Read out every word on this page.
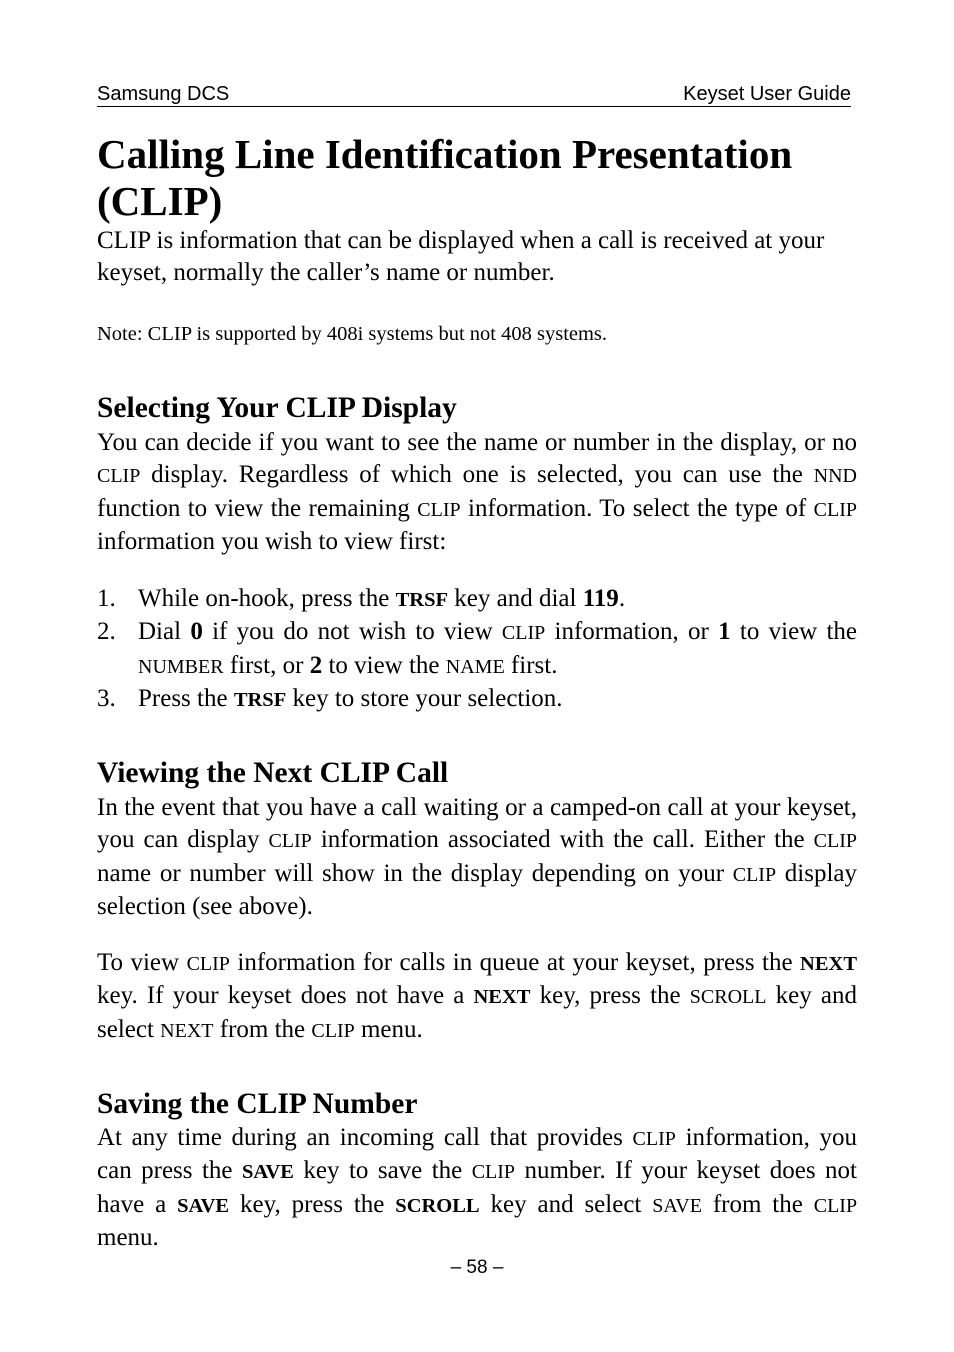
Samsung DCS	Keyset User Guide
Calling Line Identification Presentation (CLIP)

CLIP is information that can be displayed when a call is received at your keyset, normally the caller’s name or number.

Note: CLIP is supported by 408i systems but not 408 systems.

Selecting Your CLIP Display

You can decide if you want to see the name or number in the display, or no CLIP display. Regardless of which one is selected, you can use the NND function to view the remaining CLIP information. To select the type of CLIP information you wish to view first:

1. While on-hook, press the TRSF key and dial 119.
2. Dial 0 if you do not wish to view CLIP information, or 1 to view the NUMBER first, or 2 to view the NAME first.
3. Press the TRSF key to store your selection.
Viewing the Next CLIP Call

In the event that you have a call waiting or a camped-on call at your keyset, you can display CLIP information associated with the call. Either the CLIP name or number will show in the display depending on your CLIP display selection (see above).

To view CLIP information for calls in queue at your keyset, press the NEXT key. If your keyset does not have a NEXT key, press the SCROLL key and select NEXT from the CLIP menu.

Saving the CLIP Number

At any time during an incoming call that provides CLIP information, you can press the SAVE key to save the CLIP number. If your keyset does not have a SAVE key, press the SCROLL key and select SAVE from the CLIP menu.

– 58 –
